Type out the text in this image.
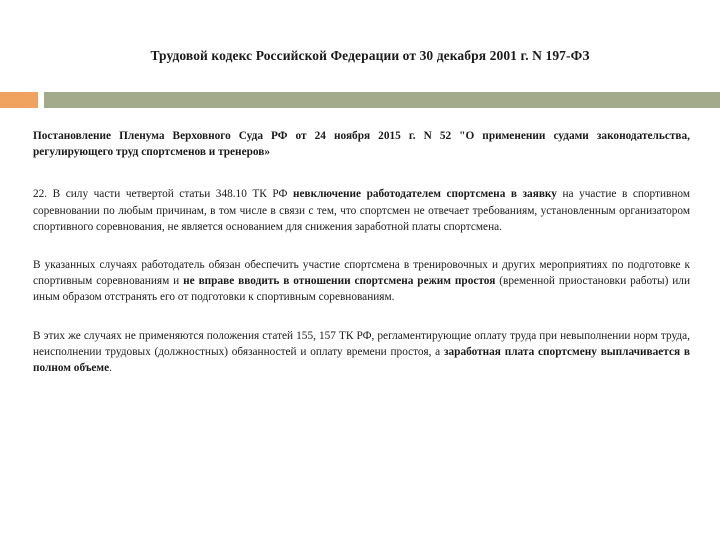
Трудовой кодекс Российской Федерации от 30 декабря 2001 г. N 197-ФЗ

Постановление Пленума Верховного Суда РФ от 24 ноября 2015 г. N 52 "О применении судами законодательства, регулирующего труд спортсменов и тренеров»

22. В силу части четвертой статьи 348.10 ТК РФ невключение работодателем спортсмена в заявку на участие в спортивном соревновании по любым причинам, в том числе в связи с тем, что спортсмен не отвечает требованиям, установленным организатором спортивного соревнования, не является основанием для снижения заработной платы спортсмена.

В указанных случаях работодатель обязан обеспечить участие спортсмена в тренировочных и других мероприятиях по подготовке к спортивным соревнованиям и не вправе вводить в отношении спортсмена режим простоя (временной приостановки работы) или иным образом отстранять его от подготовки к спортивным соревнованиям.

В этих же случаях не применяются положения статей 155, 157 ТК РФ, регламентирующие оплату труда при невыполнении норм труда, неисполнении трудовых (должностных) обязанностей и оплату времени простоя, а заработная плата спортсмену выплачивается в полном объеме.
